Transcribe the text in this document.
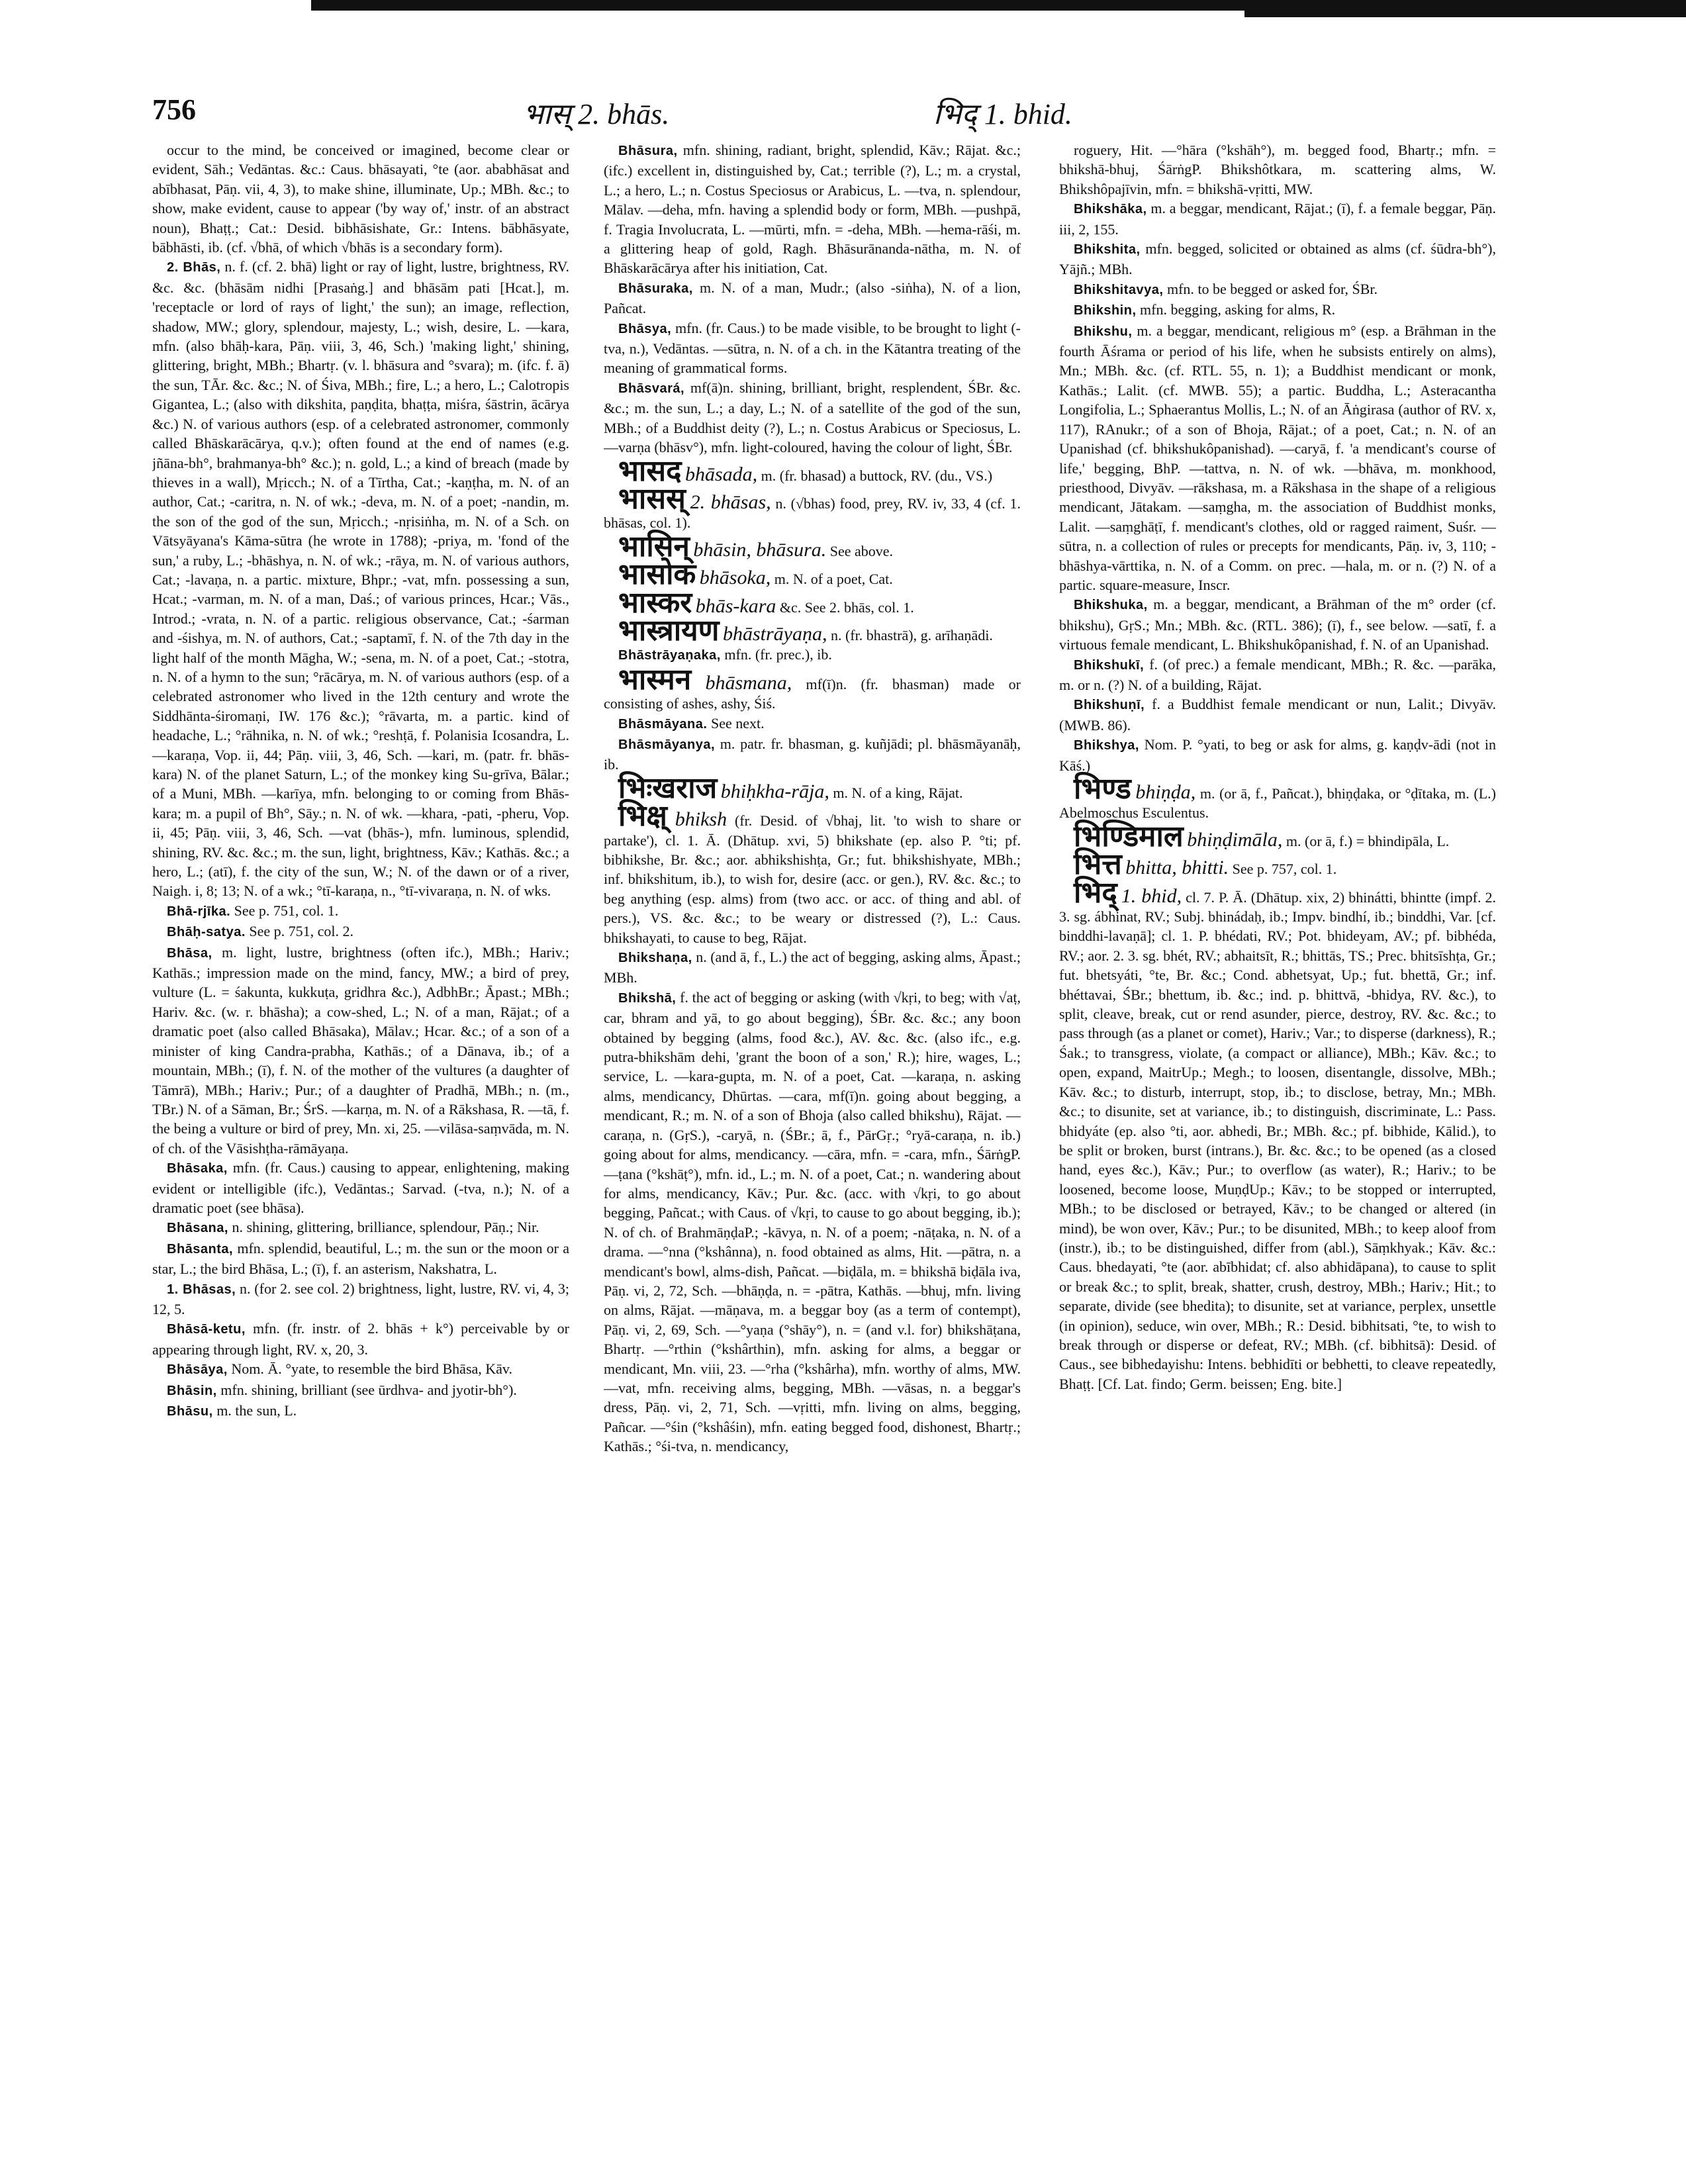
756	भास् 2. bhās.	भिद् 1. bhid.

occur to the mind, be conceived or imagined, become clear or evident, Sāh.; Vedāntas. &c.: Caus. bhāsayati, °te (aor. ababhāsat and abībhasat, Pāṇ. vii, 4, 3), to make shine, illuminate, Up.; MBh. &c.; to show, make evident, cause to appear ('by way of,' instr. of an abstract noun), Bhaṭṭ.; Cat.: Desid. bibhāsishate, Gr.: Intens. bābhāsyate, bābhāsti, ib. (cf. √bhā, of which √bhās is a secondary form).

2. Bhās, n. f. (cf. 2. bhā) light or ray of light, lustre, brightness, RV. &c. &c. (bhāsām nidhi [Prasaṅg.] and bhāsām pati [Hcat.], m. 'receptacle or lord of rays of light,' the sun); an image, reflection, shadow, MW.; glory, splendour, majesty, L.; wish, desire, L. —kara, mfn. (also bhāḥ-kara, Pāṇ. viii, 3, 46, Sch.) 'making light,' shining, glittering, bright, MBh.; Bhartṛ. (v. l. bhāsura and °svara); m. (ifc. f. ā) the sun, TĀr. &c. &c.; N. of Śiva, MBh.; fire, L.; a hero, L.; Calotropis Gigantea, L.; (also with dikshita, paṇḍita, bhaṭṭa, miśra, śāstrin, ācārya &c.) N. of various authors (esp. of a celebrated astronomer, commonly called Bhāskarācārya, q.v.); often found at the end of names (e.g. jñāna-bh°, brahmanya-bh° &c.); n. gold, L.; a kind of breach (made by thieves in a wall), Mṛicch.; N. of a Tīrtha, Cat.; -kaṇṭha, m. N. of an author, Cat.; -caritra, n. N. of wk.; -deva, m. N. of a poet; -nandin, m. the son of the god of the sun, Mṛicch.; -nṛisiṅha, m. N. of a Sch. on Vātsyāyana's Kāma-sūtra (he wrote in 1788); -priya, m. 'fond of the sun,' a ruby, L.; -bhāshya, n. N. of wk.; -rāya, m. N. of various authors, Cat.; -lavaṇa, n. a partic. mixture, Bhpr.; -vat, mfn. possessing a sun, Hcat.; -varman, m. N. of a man, Daś.; of various princes, Hcar.; Vās., Introd.; -vrata, n. N. of a partic. religious observance, Cat.; -śarman and -śishya, m. N. of authors, Cat.; -saptamī, f. N. of the 7th day in the light half of the month Māgha, W.; -sena, m. N. of a poet, Cat.; -stotra, n. N. of a hymn to the sun; °rācārya, m. N. of various authors (esp. of a celebrated astronomer who lived in the 12th century and wrote the Siddhānta-śiromaṇi, IW. 176 &c.); °rāvarta, m. a partic. kind of headache, L.; °rāhnika, n. N. of wk.; °reshṭā, f. Polanisia Icosandra, L. —karaṇa, Vop. ii, 44; Pāṇ. viii, 3, 46, Sch. —kari, m. (patr. fr. bhās-kara) N. of the planet Saturn, L.; of the monkey king Su-grīva, Bālar.; of a Muni, MBh. —karīya, mfn. belonging to or coming from Bhās-kara; m. a pupil of Bh°, Sāy.; n. N. of wk. —khara, -pati, -pheru, Vop. ii, 45; Pāṇ. viii, 3, 46, Sch. —vat (bhās-), mfn. luminous, splendid, shining, RV. &c. &c.; m. the sun, light, brightness, Kāv.; Kathās. &c.; a hero, L.; (atī), f. the city of the sun, W.; N. of the dawn or of a river, Naigh. i, 8; 13; N. of a wk.; °tī-karaṇa, n., °tī-vivaraṇa, n. N. of wks.

Bhā-rjīka. See p. 751, col. 1.

Bhāḥ-satya. See p. 751, col. 2.

Bhāsa, m. light, lustre, brightness (often ifc.), MBh.; Hariv.; Kathās.; impression made on the mind, fancy, MW.; a bird of prey, vulture (L. = śakunta, kukkuṭa, gridhra &c.), AdbhBr.; Āpast.; MBh.; Hariv. &c. (w. r. bhāsha); a cow-shed, L.; N. of a man, Rājat.; of a dramatic poet (also called Bhāsaka), Mālav.; Hcar. &c.; of a son of a minister of king Candra-prabha, Kathās.; of a Dānava, ib.; of a mountain, MBh.; (ī), f. N. of the mother of the vultures (a daughter of Tāmrā), MBh.; Hariv.; Pur.; of a daughter of Pradhā, MBh.; n. (m., TBr.) N. of a Sāman, Br.; ŚrS. —karṇa, m. N. of a Rākshasa, R. —tā, f. the being a vulture or bird of prey, Mn. xi, 25. —vilāsa-saṃvāda, m. N. of ch. of the Vāsishṭha-rāmāyaṇa.

Bhāsaka, mfn. (fr. Caus.) causing to appear, enlightening, making evident or intelligible (ifc.), Vedāntas.; Sarvad. (-tva, n.); N. of a dramatic poet (see bhāsa).

Bhāsana, n. shining, glittering, brilliance, splendour, Pāṇ.; Nir.

Bhāsanta, mfn. splendid, beautiful, L.; m. the sun or the moon or a star, L.; the bird Bhāsa, L.; (ī), f. an asterism, Nakshatra, L.

1. Bhāsas, n. (for 2. see col. 2) brightness, light, lustre, RV. vi, 4, 3; 12, 5.

Bhāsā-ketu, mfn. (fr. instr. of 2. bhās + k°) perceivable by or appearing through light, RV. x, 20, 3.

Bhāsāya, Nom. Ā. °yate, to resemble the bird Bhāsa, Kāv.

Bhāsin, mfn. shining, brilliant (see ūrdhva- and jyotir-bh°).

Bhāsu, m. the sun, L.

Bhāsura, mfn. shining, radiant, bright, splendid, Kāv.; Rājat. &c.; (ifc.) excellent in, distinguished by, Cat.; terrible (?), L.; m. a crystal, L.; a hero, L.; n. Costus Speciosus or Arabicus, L. —tva, n. splendour, Mālav. —deha, mfn. having a splendid body or form, MBh. —pushpā, f. Tragia Involucrata, L. —mūrti, mfn. = -deha, MBh. —hema-rāśi, m. a glittering heap of gold, Ragh. Bhāsurānanda-nātha, m. N. of Bhāskarācārya after his initiation, Cat.

Bhāsuraka, m. N. of a man, Mudr.; (also -siṅha), N. of a lion, Pañcat.

Bhāsya, mfn. (fr. Caus.) to be made visible, to be brought to light (-tva, n.), Vedāntas. —sūtra, n. N. of a ch. in the Kātantra treating of the meaning of grammatical forms.

Bhāsvará, mf(ā)n. shining, brilliant, bright, resplendent, ŚBr. &c. &c.; m. the sun, L.; a day, L.; N. of a satellite of the god of the sun, MBh.; of a Buddhist deity (?), L.; n. Costus Arabicus or Speciosus, L. —varṇa (bhāsv°), mfn. light-coloured, having the colour of light, ŚBr.

भासद bhāsada, m. (fr. bhasad) a buttock, RV. (du., VS.)

भासस् 2. bhāsas, n. (√bhas) food, prey, RV. iv, 33, 4 (cf. 1. bhāsas, col. 1).

भासिन् bhāsin, bhāsura. See above.

भासोक bhāsoka, m. N. of a poet, Cat.

भास्कर bhās-kara &c. See 2. bhās, col. 1.

भास्त्रायण bhāstrāyaṇa, n. (fr. bhastrā), g. arīhaṇādi.

Bhāstrāyaṇaka, mfn. (fr. prec.), ib.

भास्मन bhāsmana, mf(ī)n. (fr. bhasman) made or consisting of ashes, ashy, Śiś.

Bhāsmāyana. See next.

Bhāsmāyanya, m. patr. fr. bhasman, g. kuñjādi; pl. bhāsmāyanāḥ, ib.

भिःखराज bhiḥkha-rāja, m. N. of a king, Rājat.

भिक्ष् bhiksh (fr. Desid. of √bhaj, lit. 'to wish to share or partake'), cl. 1. Ā. (Dhātup. xvi, 5) bhikshate (ep. also P. °ti; pf. bibhikshe, Br. &c.; aor. abhikshishṭa, Gr.; fut. bhikshishyate, MBh.; inf. bhikshitum, ib.), to wish for, desire (acc. or gen.), RV. &c. &c.; to beg anything (esp. alms) from (two acc. or acc. of thing and abl. of pers.), VS. &c. &c.; to be weary or distressed (?), L.: Caus. bhikshayati, to cause to beg, Rājat.

Bhikshaṇa, n. (and ā, f., L.) the act of begging, asking alms, Āpast.; MBh.

Bhikshā, f. the act of begging or asking (with √kṛi, to beg; with √aṭ, car, bhram and yā, to go about begging), ŚBr. &c. &c.; any boon obtained by begging (alms, food &c.), AV. &c. &c. (also ifc., e.g. putra-bhikshām dehi, 'grant the boon of a son,' R.); hire, wages, L.; service, L. —kara-gupta, m. N. of a poet, Cat. —karaṇa, n. asking alms, mendicancy, Dhūrtas. —cara, mf(ī)n. going about begging, a mendicant, R.; m. N. of a son of Bhoja (also called bhikshu), Rājat. —caraṇa, n. (GṛS.), -caryā, n. (ŚBr.; ā, f., PārGṛ.; °ryā-caraṇa, n. ib.) going about for alms, mendicancy. —cāra, mfn. = -cara, mfn., ŚārṅgP. —ṭana (°kshāṭ°), mfn. id., L.; m. N. of a poet, Cat.; n. wandering about for alms, mendicancy, Kāv.; Pur. &c. (acc. with √kṛi, to go about begging, Pañcat.; with Caus. of √kṛi, to cause to go about begging, ib.); N. of ch. of BrahmāṇḍaP.; -kāvya, n. N. of a poem; -nāṭaka, n. N. of a drama. —°nna (°kshânna), n. food obtained as alms, Hit. —pātra, n. a mendicant's bowl, alms-dish, Pañcat. —biḍāla, m. = bhikshā biḍāla iva, Pāṇ. vi, 2, 72, Sch. —bhāṇḍa, n. = -pātra, Kathās. —bhuj, mfn. living on alms, Rājat. —māṇava, m. a beggar boy (as a term of contempt), Pāṇ. vi, 2, 69, Sch. —°yaṇa (°shāy°), n. = (and v.l. for) bhikshāṭana, Bhartṛ. —°rthin (°kshârthin), mfn. asking for alms, a beggar or mendicant, Mn. viii, 23. —°rha (°kshârha), mfn. worthy of alms, MW. —vat, mfn. receiving alms, begging, MBh. —vāsas, n. a beggar's dress, Pāṇ. vi, 2, 71, Sch. —vṛitti, mfn. living on alms, begging, Pañcar. —°śin (°kshâśin), mfn. eating begged food, dishonest, Bhartṛ.; Kathās.; °śi-tva, n. mendicancy,

roguery, Hit. —°hāra (°kshāh°), m. begged food, Bhartṛ.; mfn. = bhikshā-bhuj, ŚārṅgP. Bhikshôtkara, m. scattering alms, W. Bhikshôpajīvin, mfn. = bhikshā-vṛitti, MW.

Bhikshāka, m. a beggar, mendicant, Rājat.; (ī), f. a female beggar, Pāṇ. iii, 2, 155.

Bhikshita, mfn. begged, solicited or obtained as alms (cf. śūdra-bh°), Yājñ.; MBh.

Bhikshitavya, mfn. to be begged or asked for, ŚBr.

Bhikshin, mfn. begging, asking for alms, R.

Bhikshu, m. a beggar, mendicant, religious m° (esp. a Brāhman in the fourth Āśrama or period of his life, when he subsists entirely on alms), Mn.; MBh. &c. (cf. RTL. 55, n. 1); a Buddhist mendicant or monk, Kathās.; Lalit. (cf. MWB. 55); a partic. Buddha, L.; Asteracantha Longifolia, L.; Sphaerantus Mollis, L.; N. of an Āṅgirasa (author of RV. x, 117), RAnukr.; of a son of Bhoja, Rājat.; of a poet, Cat.; n. N. of an Upanishad (cf. bhikshukôpanishad). —caryā, f. 'a mendicant's course of life,' begging, BhP. —tattva, n. N. of wk. —bhāva, m. monkhood, priesthood, Divyāv. —rākshasa, m. a Rākshasa in the shape of a religious mendicant, Jātakam. —saṃgha, m. the association of Buddhist monks, Lalit. —saṃghāṭī, f. mendicant's clothes, old or ragged raiment, Suśr. —sūtra, n. a collection of rules or precepts for mendicants, Pāṇ. iv, 3, 110; -bhāshya-vārttika, n. N. of a Comm. on prec. —hala, m. or n. (?) N. of a partic. square-measure, Inscr.

Bhikshuka, m. a beggar, mendicant, a Brāhman of the m° order (cf. bhikshu), GṛS.; Mn.; MBh. &c. (RTL. 386); (ī), f., see below. —satī, f. a virtuous female mendicant, L. Bhikshukôpanishad, f. N. of an Upanishad.

Bhikshukī, f. (of prec.) a female mendicant, MBh.; R. &c. —parāka, m. or n. (?) N. of a building, Rājat.

Bhikshuṇī, f. a Buddhist female mendicant or nun, Lalit.; Divyāv. (MWB. 86).

Bhikshya, Nom. P. °yati, to beg or ask for alms, g. kaṇḍv-ādi (not in Kāś.)

भिण्ड bhiṇḍa, m. (or ā, f., Pañcat.), bhiṇḍaka, or °ḍītaka, m. (L.) Abelmoschus Esculentus.

भिण्डिमाल bhiṇḍimāla, m. (or ā, f.) = bhindipāla, L.

भित्त bhitta, bhitti. See p. 757, col. 1.

भिद् 1. bhid, cl. 7. P. Ā. (Dhātup. xix, 2) bhinátti, bhintte (impf. 2. 3. sg. ábhinat, RV.; Subj. bhinádaḥ, ib.; Impv. bindhí, ib.; binddhi, Var. [cf. binddhi-lavaṇā]; cl. 1. P. bhédati, RV.; Pot. bhideyam, AV.; pf. bibhéda, RV.; aor. 2. 3. sg. bhét, RV.; abhaitsīt, R.; bhittās, TS.; Prec. bhitsīshṭa, Gr.; fut. bhetsyáti, °te, Br. &c.; Cond. abhetsyat, Up.; fut. bhettā, Gr.; inf. bhéttavai, ŚBr.; bhettum, ib. &c.; ind. p. bhittvā, -bhidya, RV. &c.), to split, cleave, break, cut or rend asunder, pierce, destroy, RV. &c. &c.; to pass through (as a planet or comet), Hariv.; Var.; to disperse (darkness), R.; Śak.; to transgress, violate, (a compact or alliance), MBh.; Kāv. &c.; to open, expand, MaitrUp.; Megh.; to loosen, disentangle, dissolve, MBh.; Kāv. &c.; to disturb, interrupt, stop, ib.; to disclose, betray, Mn.; MBh. &c.; to disunite, set at variance, ib.; to distinguish, discriminate, L.: Pass. bhidyáte (ep. also °ti, aor. abhedi, Br.; MBh. &c.; pf. bibhide, Kālid.), to be split or broken, burst (intrans.), Br. &c. &c.; to be opened (as a closed hand, eyes &c.), Kāv.; Pur.; to overflow (as water), R.; Hariv.; to be loosened, become loose, MuṇḍUp.; Kāv.; to be stopped or interrupted, MBh.; to be disclosed or betrayed, Kāv.; to be changed or altered (in mind), be won over, Kāv.; Pur.; to be disunited, MBh.; to keep aloof from (instr.), ib.; to be distinguished, differ from (abl.), Sāṃkhyak.; Kāv. &c.: Caus. bhedayati, °te (aor. abībhidat; cf. also abhidāpana), to cause to split or break &c.; to split, break, shatter, crush, destroy, MBh.; Hariv.; Hit.; to separate, divide (see bhedita); to disunite, set at variance, perplex, unsettle (in opinion), seduce, win over, MBh.; R.: Desid. bibhitsati, °te, to wish to break through or disperse or defeat, RV.; MBh. (cf. bibhitsā): Desid. of Caus., see bibhedayishu: Intens. bebhidīti or bebhetti, to cleave repeatedly, Bhaṭṭ. [Cf. Lat. findo; Germ. beissen; Eng. bite.]
